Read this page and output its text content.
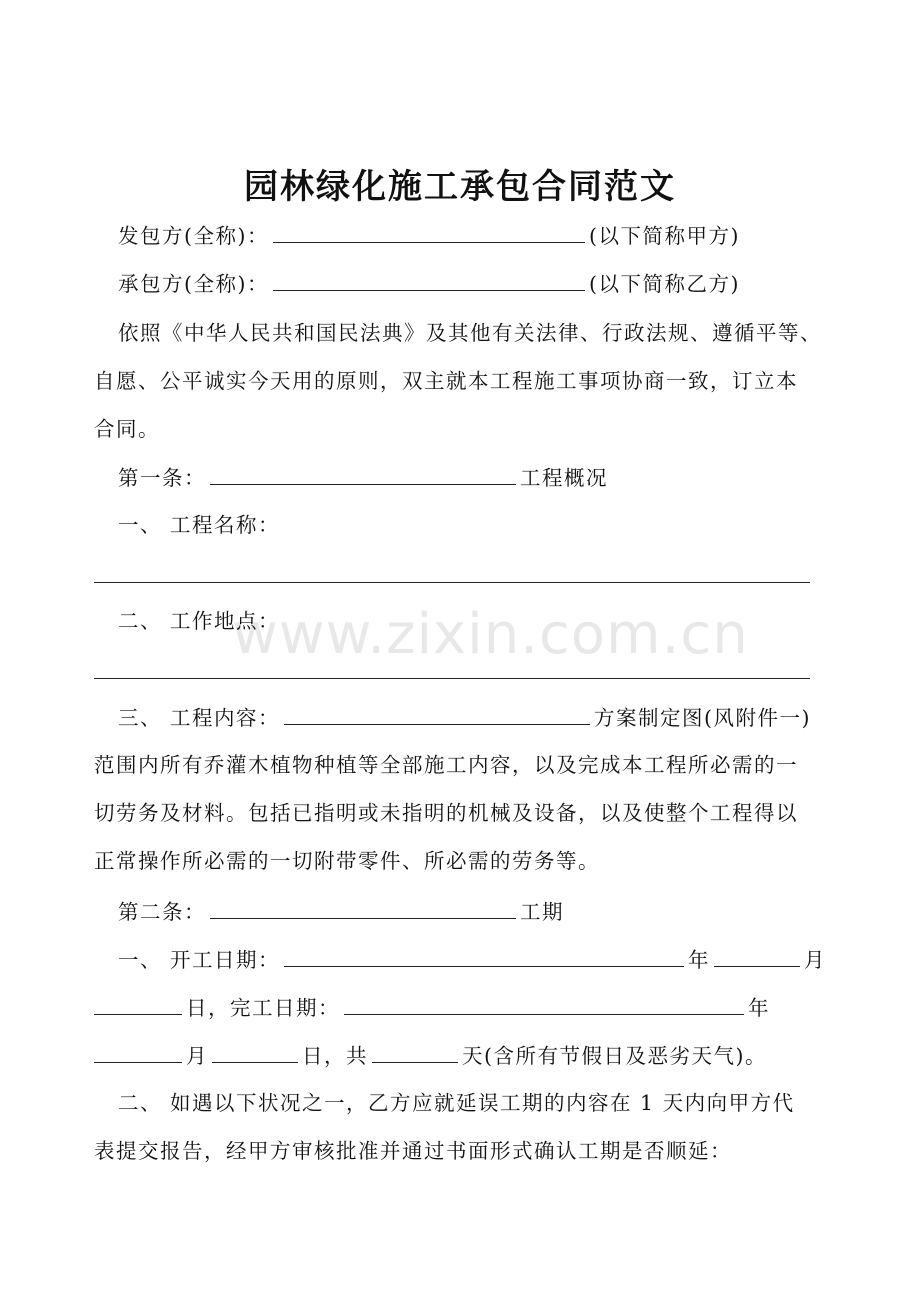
园林绿化施工承包合同范文
发包方(全称)：	(以下简称甲方)
承包方(全称)：	(以下简称乙方)
依照《中华人民共和国民法典》及其他有关法律、行政法规、遵循平等、
自愿、公平诚实今天用的原则，双主就本工程施工事项协商一致，订立本
合同。
第一条：	工程概况
一、 工程名称：
www.zixin.com.cn
二、 工作地点：
三、 工程内容：	方案制定图(风附件一)
范围内所有乔灌木植物种植等全部施工内容，以及完成本工程所必需的一
切劳务及材料。包括已指明或未指明的机械及设备，以及使整个工程得以
正常操作所必需的一切附带零件、所必需的劳务等。
第二条：	工期
一、 开工日期：	年	月
日，完工日期：	年
月	日，共	天(含所有节假日及恶劣天气)。
二、 如遇以下状况之一，乙方应就延误工期的内容在 1 天内向甲方代
表提交报告，经甲方审核批准并通过书面形式确认工期是否顺延：
